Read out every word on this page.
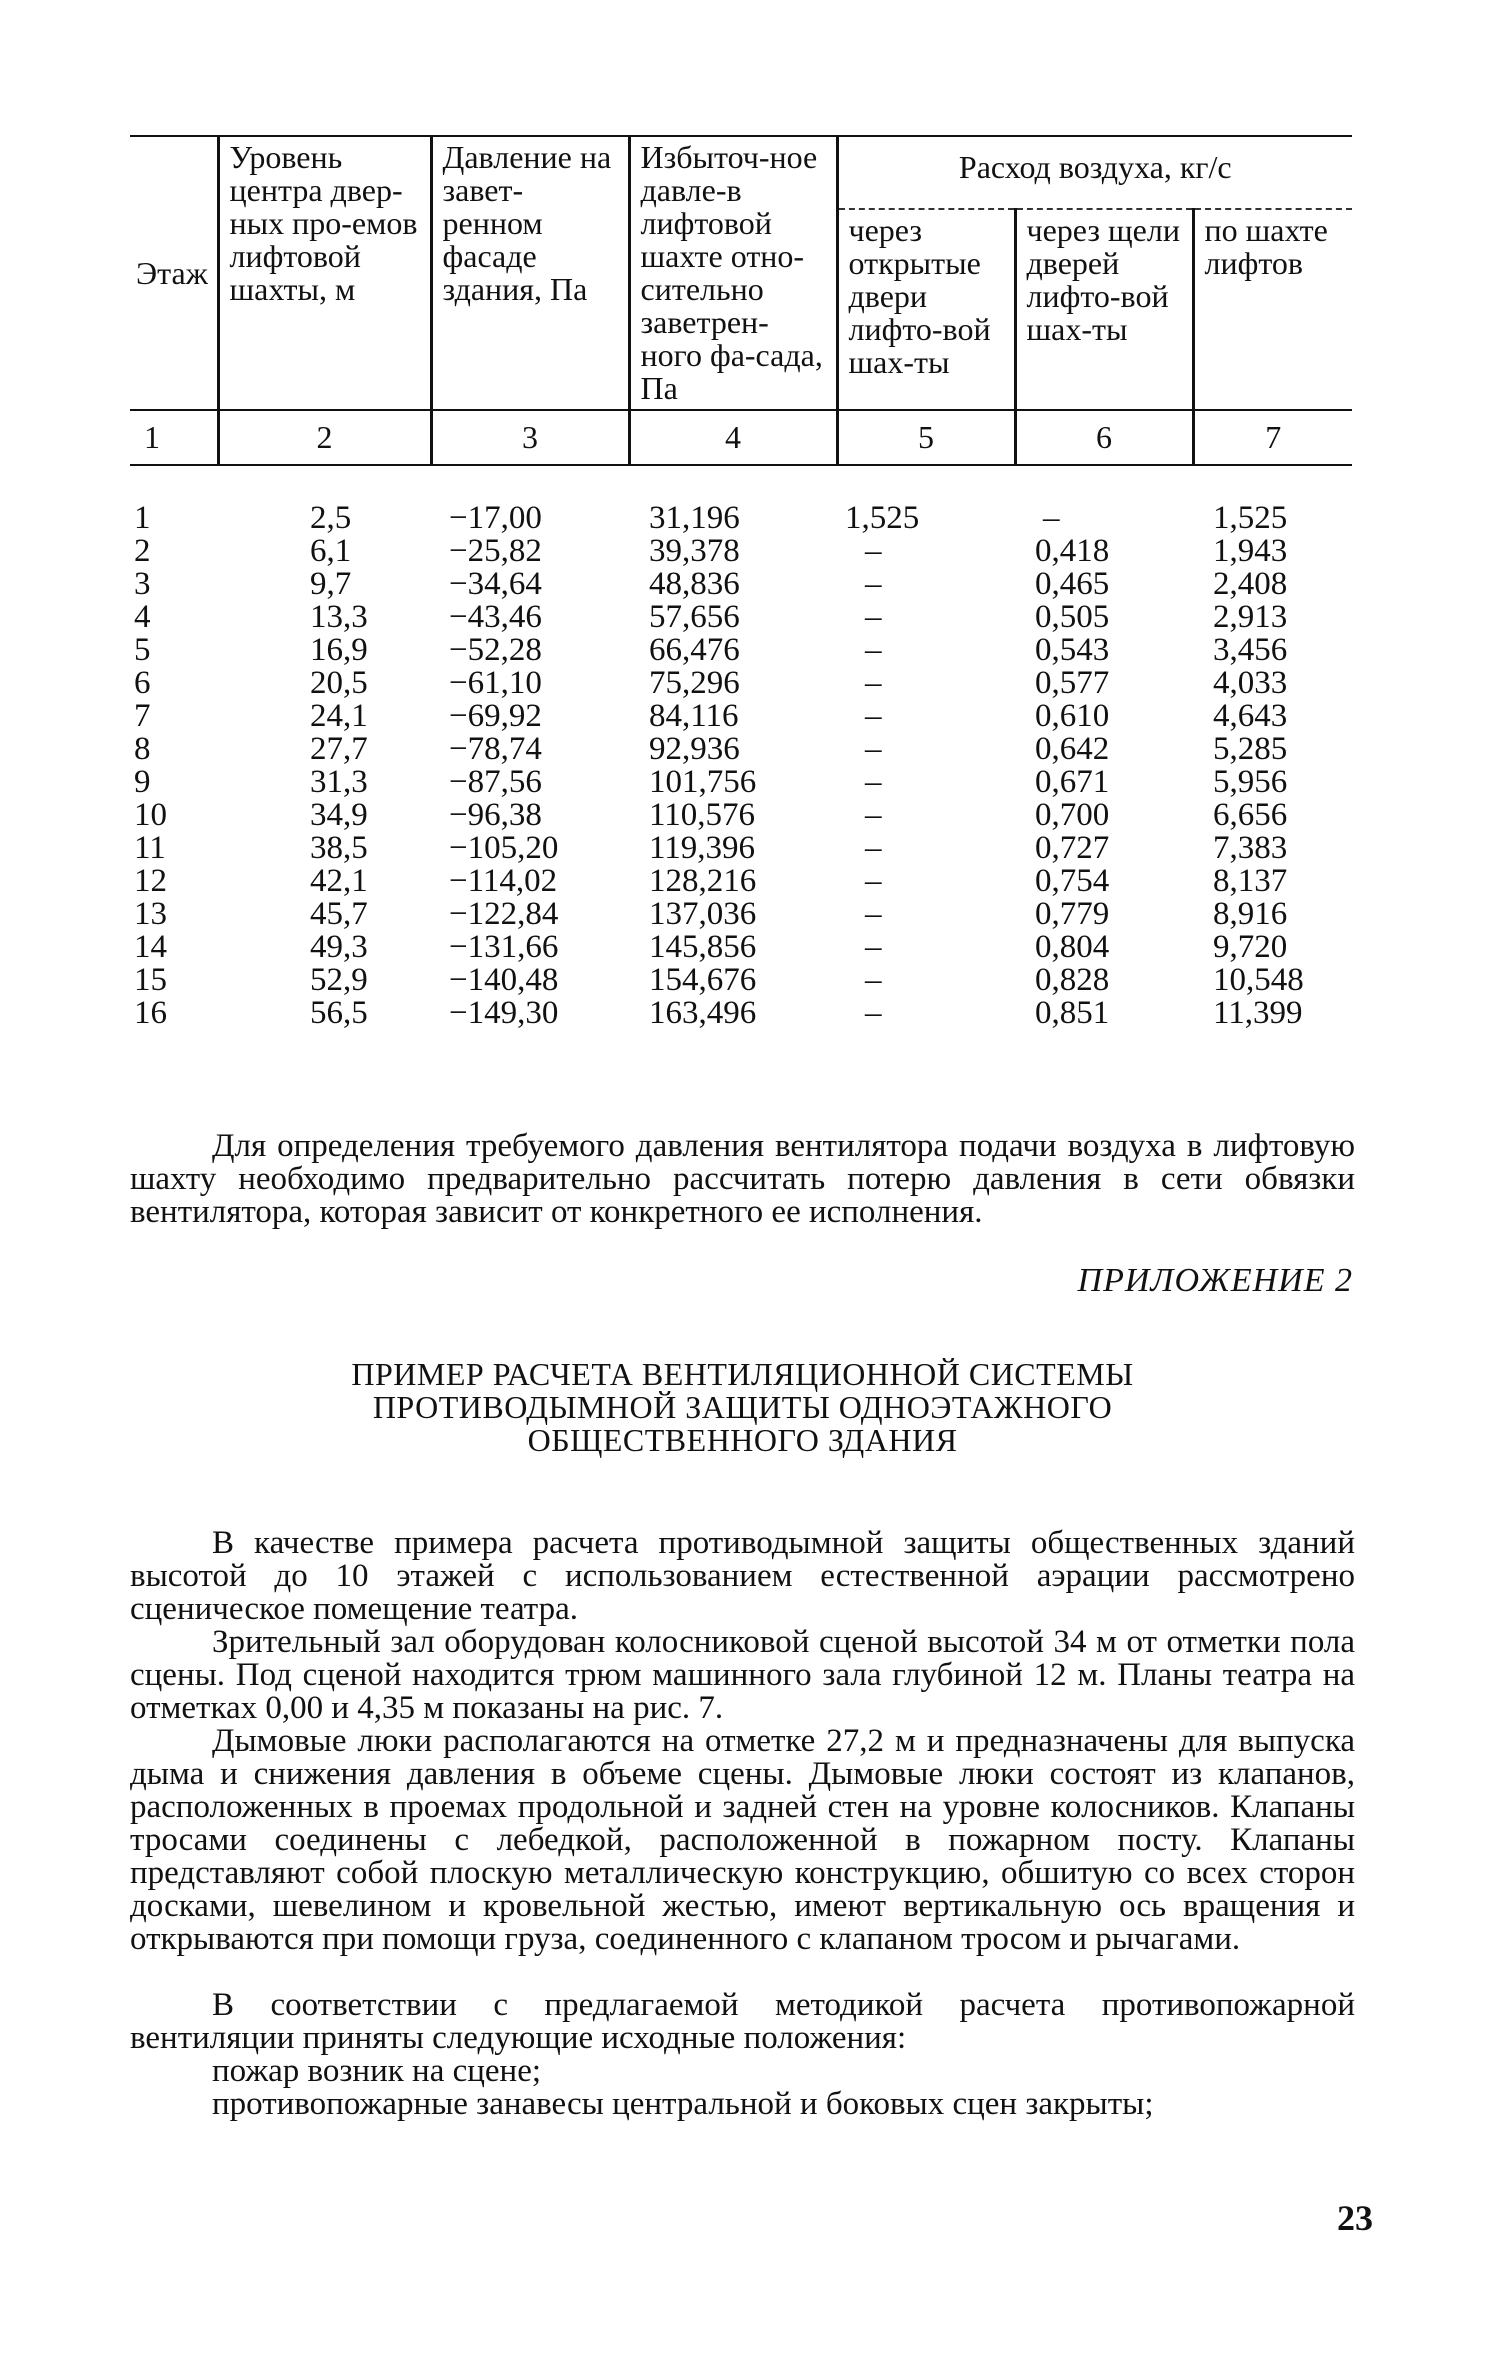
Этаж	Уровень центра двер-ных про-емов лифтовой шахты, м	Давление на завет-ренном фасаде здания, Па	Избыточ-ное давле-в лифтовой шахте отно-сительно заветрен-ного фа-сада, Па	Расход воздуха, кг/с		
				через открытые двери лифто-вой шах-ты	через щели дверей лифто-вой шах-ты	по шахте лифтов
1	2	3	4	5	6	7
1	2,5	−17,00	31,196	1,525	–	1,525
2	6,1	−25,82	39,378	–	0,418	1,943
3	9,7	−34,64	48,836	–	0,465	2,408
4	13,3	−43,46	57,656	–	0,505	2,913
5	16,9	−52,28	66,476	–	0,543	3,456
6	20,5	−61,10	75,296	–	0,577	4,033
7	24,1	−69,92	84,116	–	0,610	4,643
8	27,7	−78,74	92,936	–	0,642	5,285
9	31,3	−87,56	101,756	–	0,671	5,956
10	34,9	−96,38	110,576	–	0,700	6,656
11	38,5	−105,20	119,396	–	0,727	7,383
12	42,1	−114,02	128,216	–	0,754	8,137
13	45,7	−122,84	137,036	–	0,779	8,916
14	49,3	−131,66	145,856	–	0,804	9,720
15	52,9	−140,48	154,676	–	0,828	10,548
16	56,5	−149,30	163,496	–	0,851	11,399

Для определения требуемого давления вентилятора подачи воздуха в лифтовую шахту необходимо предварительно рассчитать потерю давления в сети обвязки вентилятора, которая зависит от конкретного ее исполнения.

ПРИЛОЖЕНИЕ 2
ПРИМЕР РАСЧЕТА ВЕНТИЛЯЦИОННОЙ СИСТЕМЫ
ПРОТИВОДЫМНОЙ ЗАЩИТЫ ОДНОЭТАЖНОГО
ОБЩЕСТВЕННОГО ЗДАНИЯ

В качестве примера расчета противодымной защиты общественных зданий высотой до 10 этажей с использованием естественной аэрации рассмотрено сценическое помещение театра.

Зрительный зал оборудован колосниковой сценой высотой 34 м от отметки пола сцены. Под сценой находится трюм машинного зала глубиной 12 м. Планы театра на отметках 0,00 и 4,35 м показаны на рис. 7.

Дымовые люки располагаются на отметке 27,2 м и предназначены для выпуска дыма и снижения давления в объеме сцены. Дымовые люки состоят из клапанов, расположенных в проемах продольной и задней стен на уровне колосников. Клапаны тросами соединены с лебедкой, расположенной в пожарном посту. Клапаны представляют собой плоскую металлическую конструкцию, обшитую со всех сторон досками, шевелином и кровельной жестью, имеют вертикальную ось вращения и открываются при помощи груза, соединенного с клапаном тросом и рычагами.

В соответствии с предлагаемой методикой расчета противопожарной вентиляции приняты следующие исходные положения:

пожар возник на сцене;

противопожарные занавесы центральной и боковых сцен закрыты;

23
